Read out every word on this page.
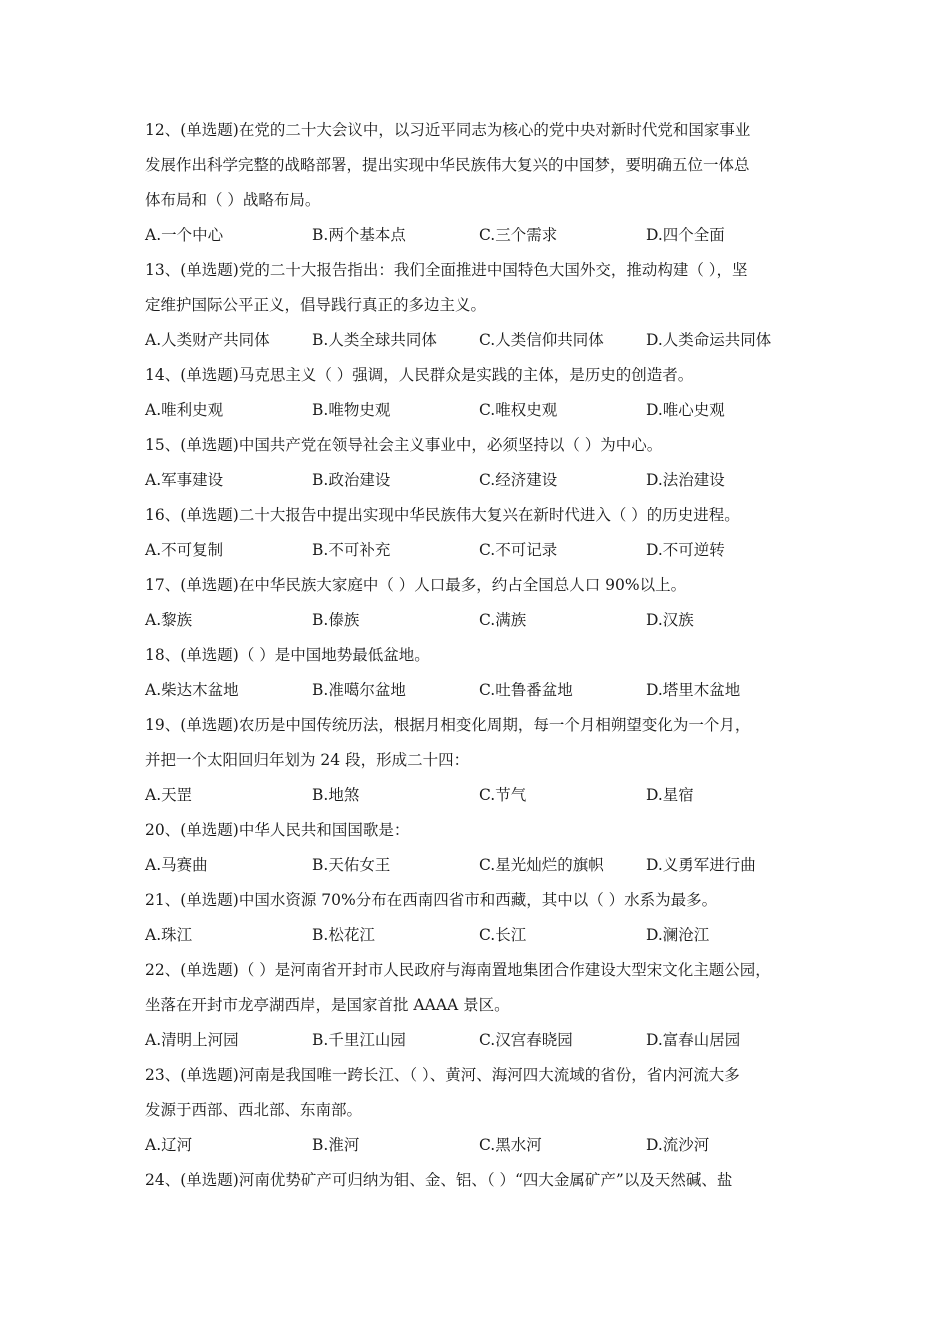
12、(单选题)在党的二十大会议中，以习近平同志为核心的党中央对新时代党和国家事业
发展作出科学完整的战略部署，提出实现中华民族伟大复兴的中国梦，要明确五位一体总
体布局和（ ）战略布局。
A.一个中心	B.两个基本点	C.三个需求	D.四个全面
13、(单选题)党的二十大报告指出：我们全面推进中国特色大国外交，推动构建（ ），坚
定维护国际公平正义，倡导践行真正的多边主义。
A.人类财产共同体	B.人类全球共同体	C.人类信仰共同体	D.人类命运共同体
14、(单选题)马克思主义（ ）强调，人民群众是实践的主体，是历史的创造者。
A.唯利史观	B.唯物史观	C.唯权史观	D.唯心史观
15、(单选题)中国共产党在领导社会主义事业中，必须坚持以（ ）为中心。
A.军事建设	B.政治建设	C.经济建设	D.法治建设
16、(单选题)二十大报告中提出实现中华民族伟大复兴在新时代进入（ ）的历史进程。
A.不可复制	B.不可补充	C.不可记录	D.不可逆转
17、(单选题)在中华民族大家庭中（ ）人口最多，约占全国总人口 90%以上。
A.黎族	B.傣族	C.满族	D.汉族
18、(单选题)（ ）是中国地势最低盆地。
A.柴达木盆地	B.准噶尔盆地	C.吐鲁番盆地	D.塔里木盆地
19、(单选题)农历是中国传统历法，根据月相变化周期，每一个月相朔望变化为一个月，
并把一个太阳回归年划为 24 段，形成二十四：
A.天罡	B.地煞	C.节气	D.星宿
20、(单选题)中华人民共和国国歌是：
A.马赛曲	B.天佑女王	C.星光灿烂的旗帜	D.义勇军进行曲
21、(单选题)中国水资源 70%分布在西南四省市和西藏，其中以（ ）水系为最多。
A.珠江	B.松花江	C.长江	D.澜沧江
22、(单选题)（ ）是河南省开封市人民政府与海南置地集团合作建设大型宋文化主题公园，
坐落在开封市龙亭湖西岸，是国家首批 AAAA 景区。
A.清明上河园	B.千里江山园	C.汉宫春晓园	D.富春山居园
23、(单选题)河南是我国唯一跨长江、（ ）、黄河、海河四大流域的省份，省内河流大多
发源于西部、西北部、东南部。
A.辽河	B.淮河	C.黑水河	D.流沙河
24、(单选题)河南优势矿产可归纳为钼、金、铝、（ ）“四大金属矿产”以及天然碱、盐
